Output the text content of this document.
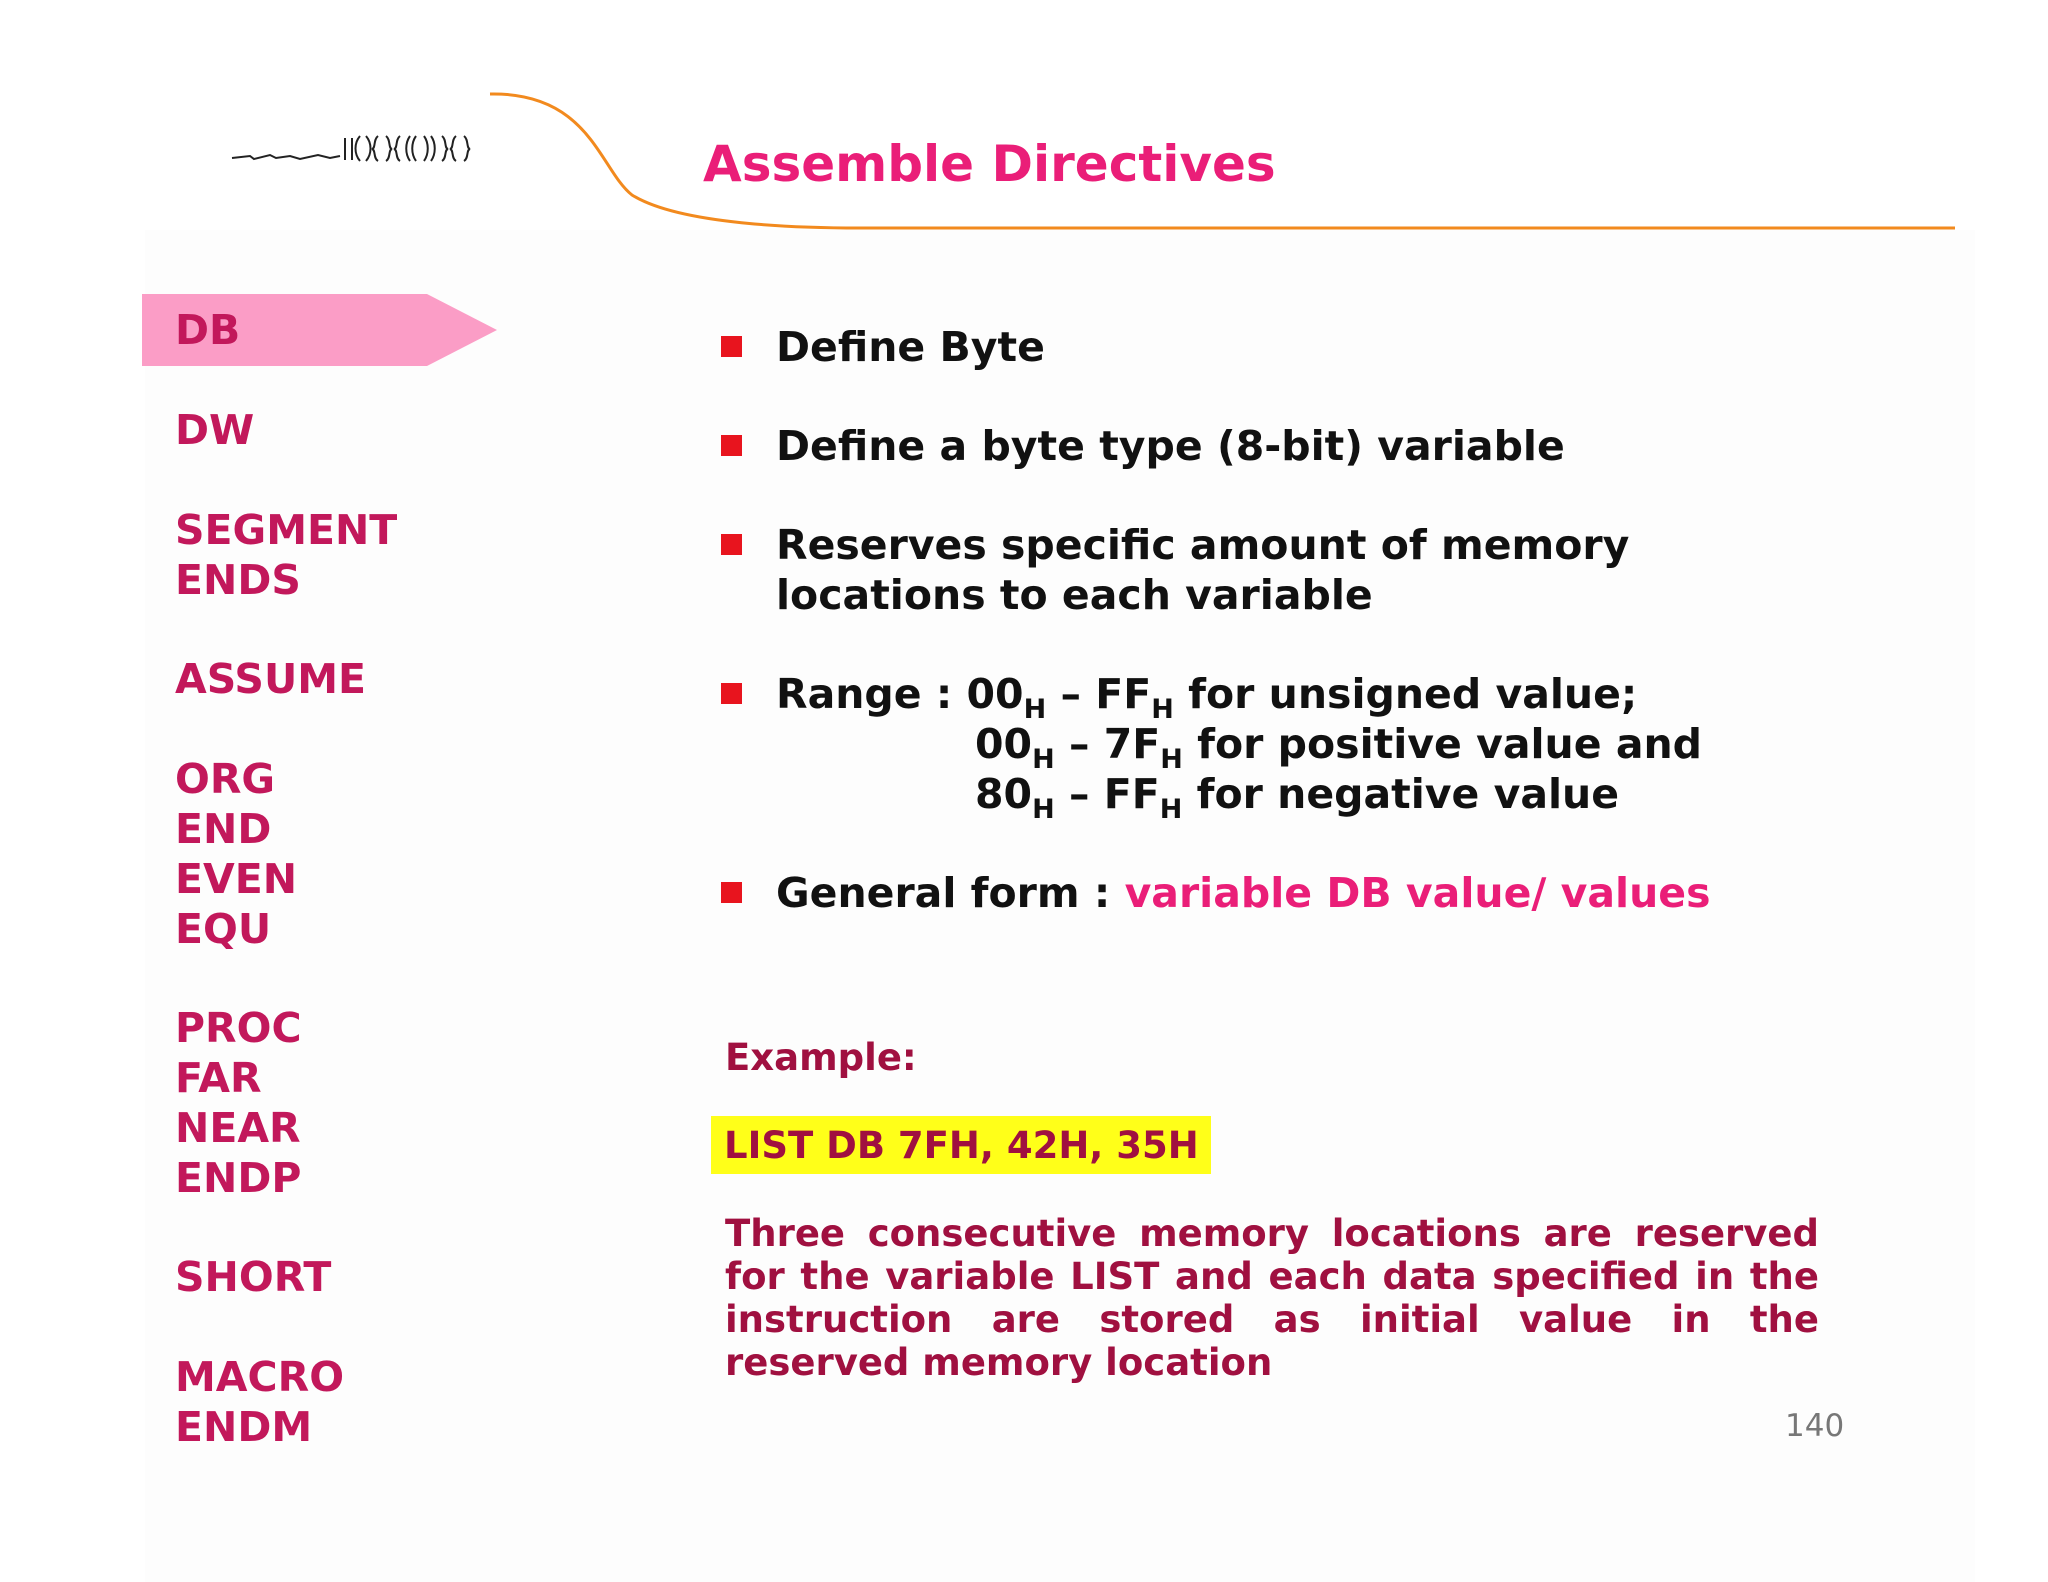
Assemble Directives
DB
DW
SEGMENT
ENDS
ASSUME
ORG
END
EVEN
EQU
PROC
FAR
NEAR
ENDP
SHORT
MACRO
ENDM
Define Byte
Define a byte type (8-bit) variable
Reserves specific amount of memory
locations to each variable
Range : $00_H - FF_H$ for unsigned value;
$00_H - 7F_H$ for positive value and
$80_H - FF_H$ for negative value
General form : variable DB value/ values
Example:
LIST DB 7FH, 42H, 35H
Three consecutive memory locations are reserved for the variable LIST and each data specified in the instruction are stored as initial value in the reserved memory location
140
